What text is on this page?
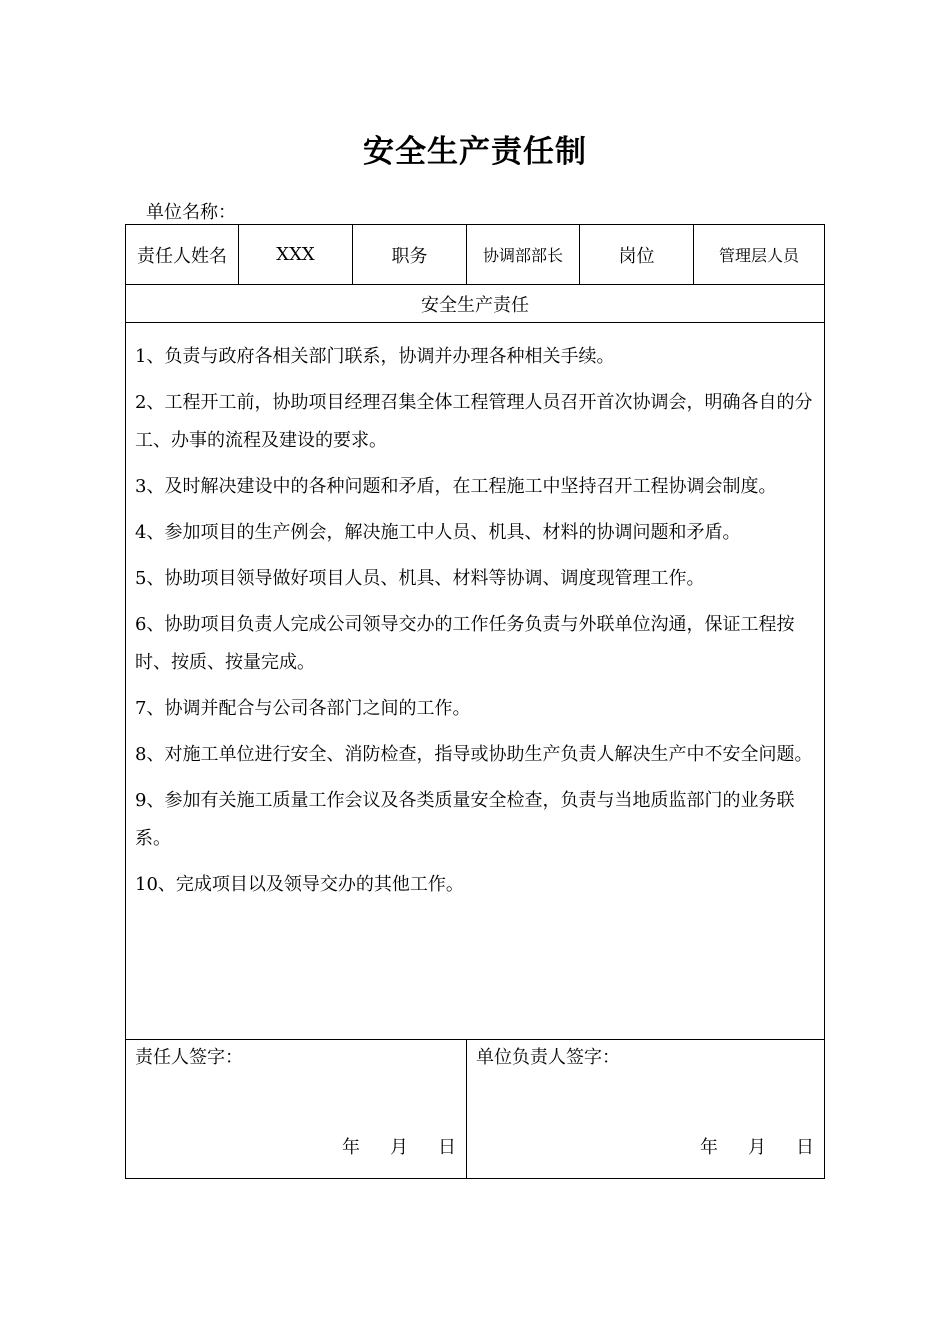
安全生产责任制
单位名称：
责任人姓名	XXX	职务	协调部部长	岗位	管理层人员
安全生产责任

1、负责与政府各相关部门联系，协调并办理各种相关手续。

2、工程开工前，协助项目经理召集全体工程管理人员召开首次协调会，明确各自的分工、办事的流程及建设的要求。

3、及时解决建设中的各种问题和矛盾，在工程施工中坚持召开工程协调会制度。

4、参加项目的生产例会，解决施工中人员、机具、材料的协调问题和矛盾。

5、协助项目领导做好项目人员、机具、材料等协调、调度现管理工作。

6、协助项目负责人完成公司领导交办的工作任务负责与外联单位沟通，保证工程按时、按质、按量完成。

7、协调并配合与公司各部门之间的工作。

8、对施工单位进行安全、消防检查，指导或协助生产负责人解决生产中不安全问题。

9、参加有关施工质量工作会议及各类质量安全检查，负责与当地质监部门的业务联系。

10、完成项目以及领导交办的其他工作。

责任人签字：
年 月 日
单位负责人签字：
年 月 日
